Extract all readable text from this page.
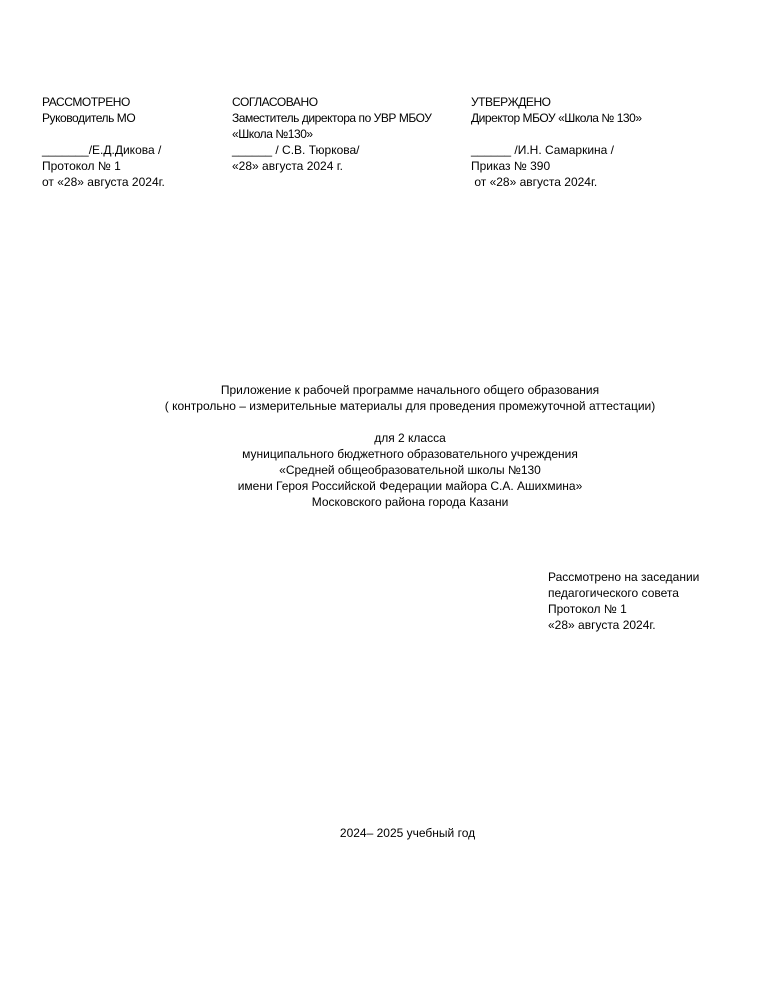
РАССМОТРЕНО
Руководитель МО
_______/Е.Д.Дикова /
Протокол № 1
от «28» августа 2024г.
СОГЛАСОВАНО
Заместитель директора по УВР МБОУ
«Школа №130»
______ / С.В. Тюркова/
«28» августа 2024 г.
УТВЕРЖДЕНО
Директор МБОУ «Школа № 130»
______ /И.Н. Самаркина /
Приказ № 390
от «28» августа 2024г.
Приложение к рабочей программе начального общего образования
( контрольно – измерительные материалы для проведения промежуточной аттестации)
для 2 класса
муниципального бюджетного образовательного учреждения
«Средней общеобразовательной школы №130
имени Героя Российской Федерации майора С.А. Ашихмина»
Московского района города Казани
Рассмотрено на заседании
педагогического совета
Протокол № 1
«28» августа 2024г.
2024– 2025 учебный год
